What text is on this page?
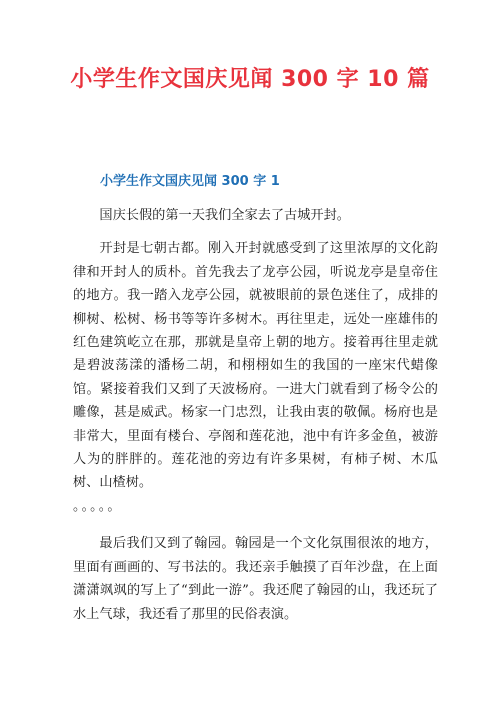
小学生作文国庆见闻 300 字 10 篇
小学生作文国庆见闻 300 字 1

国庆长假的第一天我们全家去了古城开封。

开封是七朝古都。刚入开封就感受到了这里浓厚的文化韵律和开封人的质朴。首先我去了龙亭公园，听说龙亭是皇帝住的地方。我一踏入龙亭公园，就被眼前的景色迷住了，成排的柳树、松树、杨书等等许多树木。再往里走，远处一座雄伟的红色建筑屹立在那，那就是皇帝上朝的地方。接着再往里走就是碧波荡漾的潘杨二胡，和栩栩如生的我国的一座宋代蜡像馆。紧接着我们又到了天波杨府。一进大门就看到了杨令公的雕像，甚是威武。杨家一门忠烈，让我由衷的敬佩。杨府也是非常大，里面有楼台、亭阁和莲花池，池中有许多金鱼，被游人为的胖胖的。莲花池的旁边有许多果树，有柿子树、木瓜树、山楂树。

。。。。。

最后我们又到了翰园。翰园是一个文化氛围很浓的地方，里面有画画的、写书法的。我还亲手触摸了百年沙盘，在上面潇潇飒飒的写上了“到此一游”。我还爬了翰园的山，我还玩了水上气球，我还看了那里的民俗表演。
